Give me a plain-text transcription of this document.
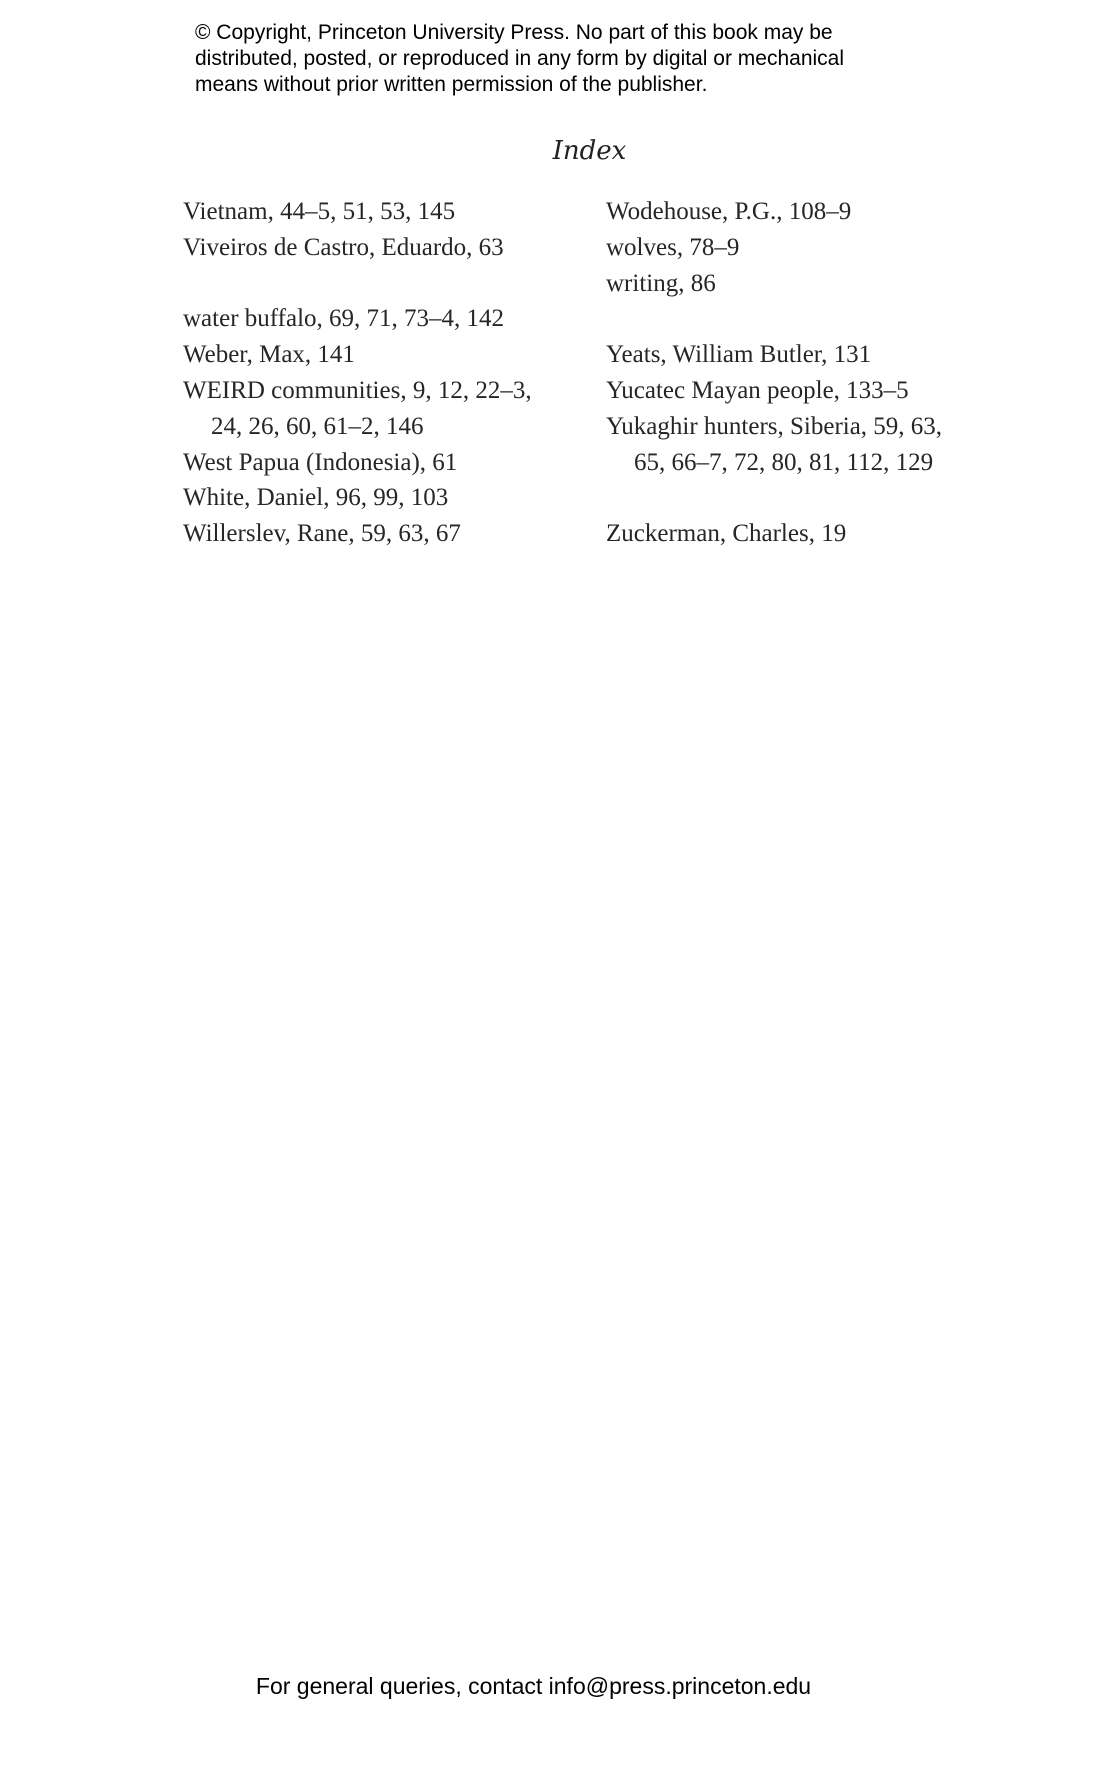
© Copyright, Princeton University Press. No part of this book may be
distributed, posted, or reproduced in any form by digital or mechanical
means without prior written permission of the publisher.
Index
Vietnam, 44–5, 51, 53, 145
Viveiros de Castro, Eduardo, 63
water buffalo, 69, 71, 73–4, 142
Weber, Max, 141
WEIRD communities, 9, 12, 22–3,
24, 26, 60, 61–2, 146
West Papua (Indonesia), 61
White, Daniel, 96, 99, 103
Willerslev, Rane, 59, 63, 67
Wodehouse, P.G., 108–9
wolves, 78–9
writing, 86
Yeats, William Butler, 131
Yucatec Mayan people, 133–5
Yukaghir hunters, Siberia, 59, 63,
65, 66–7, 72, 80, 81, 112, 129
Zuckerman, Charles, 19
For general queries, contact info@press.princeton.edu
